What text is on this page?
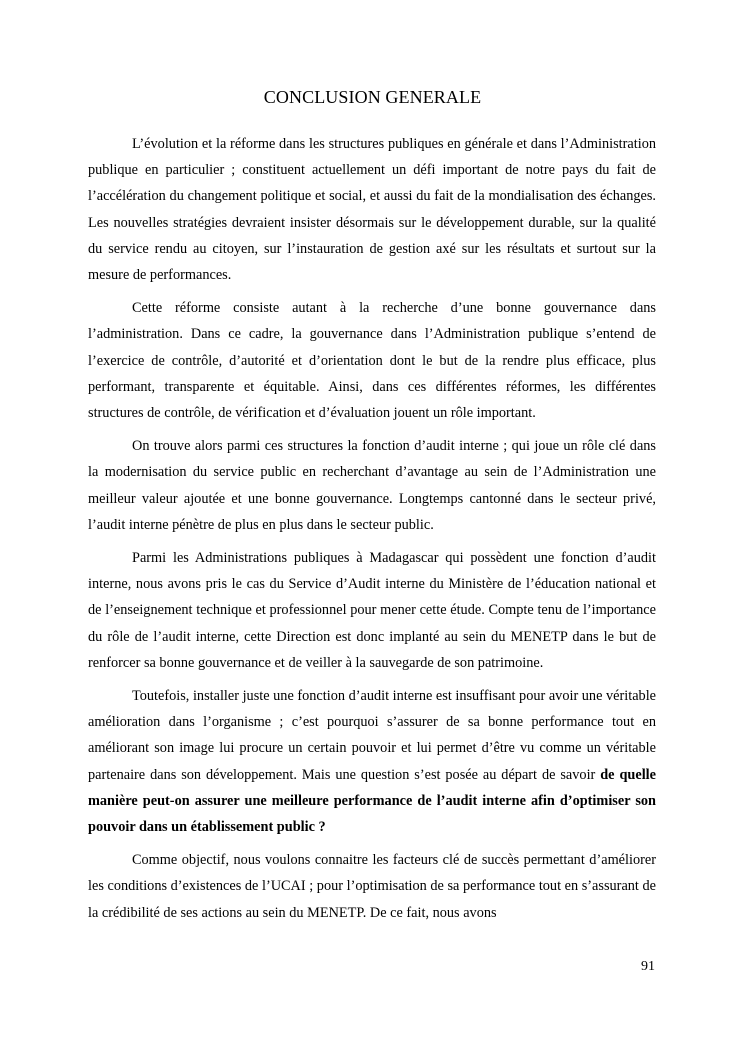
CONCLUSION GENERALE

L’évolution et la réforme dans les structures publiques en générale et dans l’Administration publique en particulier ; constituent actuellement un défi important de notre pays du fait de l’accélération du changement politique et social, et aussi du fait de la mondialisation des échanges. Les nouvelles stratégies devraient insister désormais sur le développement durable, sur la qualité du service rendu au citoyen, sur l’instauration de gestion axé sur les résultats et surtout sur la mesure de performances.

Cette réforme consiste autant à la recherche d’une bonne gouvernance dans l’administration. Dans ce cadre, la gouvernance dans l’Administration publique s’entend de l’exercice de contrôle, d’autorité et d’orientation dont le but de la rendre plus efficace, plus performant, transparente et équitable. Ainsi, dans ces différentes réformes, les différentes structures de contrôle, de vérification et d’évaluation jouent un rôle important.

On trouve alors parmi ces structures la fonction d’audit interne ; qui joue un rôle clé dans la modernisation du service public en recherchant d’avantage au sein de l’Administration une meilleur valeur ajoutée et une bonne gouvernance. Longtemps cantonné dans le secteur privé, l’audit interne pénètre de plus en plus dans le secteur public.

Parmi les Administrations publiques à Madagascar qui possèdent une fonction d’audit interne, nous avons pris le cas du Service d’Audit interne du Ministère de l’éducation national et de l’enseignement technique et professionnel pour mener cette étude. Compte tenu de l’importance du rôle de l’audit interne, cette Direction est donc implanté au sein du MENETP dans le but de renforcer sa bonne gouvernance et de veiller à la sauvegarde de son patrimoine.

Toutefois, installer juste une fonction d’audit interne est insuffisant pour avoir une véritable amélioration dans l’organisme ; c’est pourquoi s’assurer de sa bonne performance tout en améliorant son image lui procure un certain pouvoir et lui permet d’être vu comme un véritable partenaire dans son développement. Mais une question s’est posée au départ de savoir de quelle manière peut-on assurer une meilleure performance de l’audit interne afin d’optimiser son pouvoir dans un établissement public ?

Comme objectif, nous voulons connaitre les facteurs clé de succès permettant d’améliorer les conditions d’existences de l’UCAI ; pour l’optimisation de sa performance tout en s’assurant de la crédibilité de ses actions au sein du MENETP. De ce fait, nous avons

91
